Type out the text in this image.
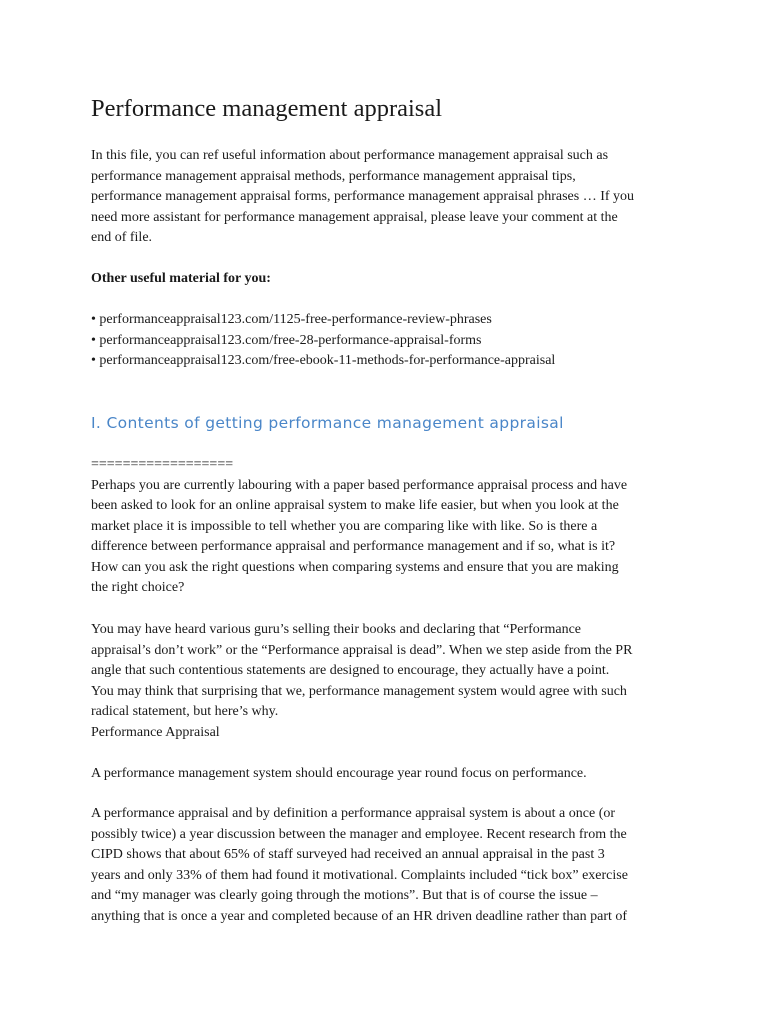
Performance management appraisal

In this file, you can ref useful information about performance management appraisal such as
performance management appraisal methods, performance management appraisal tips,
performance management appraisal forms, performance management appraisal phrases … If you
need more assistant for performance management appraisal, please leave your comment at the
end of file.

Other useful material for you:

• performanceappraisal123.com/1125-free-performance-review-phrases
• performanceappraisal123.com/free-28-performance-appraisal-forms
• performanceappraisal123.com/free-ebook-11-methods-for-performance-appraisal
I. Contents of getting performance management appraisal

==================
Perhaps you are currently labouring with a paper based performance appraisal process and have
been asked to look for an online appraisal system to make life easier, but when you look at the
market place it is impossible to tell whether you are comparing like with like. So is there a
difference between performance appraisal and performance management and if so, what is it?
How can you ask the right questions when comparing systems and ensure that you are making
the right choice?

You may have heard various guru’s selling their books and declaring that “Performance
appraisal’s don’t work” or the “Performance appraisal is dead”. When we step aside from the PR
angle that such contentious statements are designed to encourage, they actually have a point.
You may think that surprising that we, performance management system would agree with such
radical statement, but here’s why.
Performance Appraisal

A performance management system should encourage year round focus on performance.

A performance appraisal and by definition a performance appraisal system is about a once (or
possibly twice) a year discussion between the manager and employee. Recent research from the
CIPD shows that about 65% of staff surveyed had received an annual appraisal in the past 3
years and only 33% of them had found it motivational. Complaints included “tick box” exercise
and “my manager was clearly going through the motions”. But that is of course the issue –
anything that is once a year and completed because of an HR driven deadline rather than part of
